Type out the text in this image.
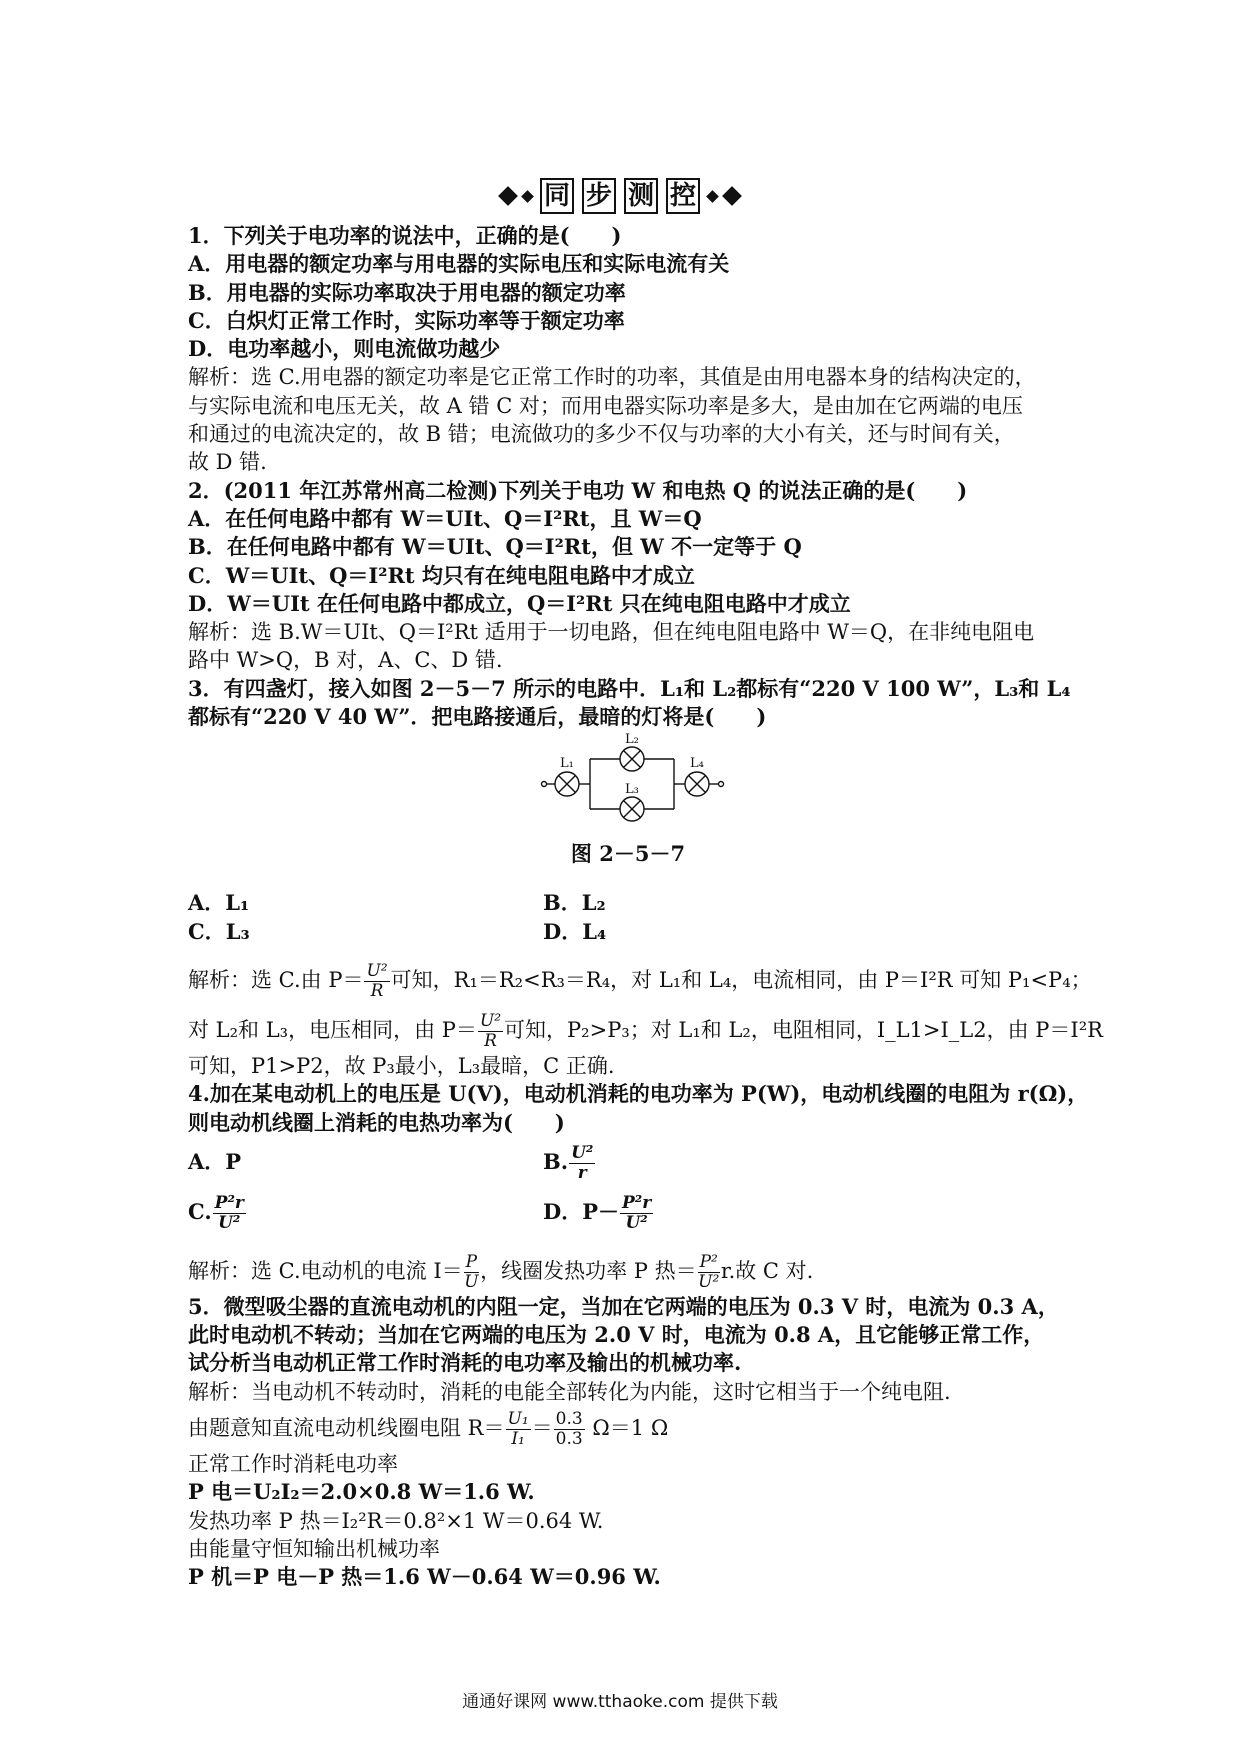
同 步 测 控
1．下列关于电功率的说法中，正确的是(　　)
A．用电器的额定功率与用电器的实际电压和实际电流有关
B．用电器的实际功率取决于用电器的额定功率
C．白炽灯正常工作时，实际功率等于额定功率
D．电功率越小，则电流做功越少
解析：选 C.用电器的额定功率是它正常工作时的功率，其值是由用电器本身的结构决定的，
与实际电流和电压无关，故 A 错 C 对；而用电器实际功率是多大，是由加在它两端的电压
和通过的电流决定的，故 B 错；电流做功的多少不仅与功率的大小有关，还与时间有关，
故 D 错.
2．(2011 年江苏常州高二检测)下列关于电功 W 和电热 Q 的说法正确的是(　　)
A．在任何电路中都有 W＝UIt、Q＝I²Rt，且 W＝Q
B．在任何电路中都有 W＝UIt、Q＝I²Rt，但 W 不一定等于 Q
C．W＝UIt、Q＝I²Rt 均只有在纯电阻电路中才成立
D．W＝UIt 在任何电路中都成立，Q＝I²Rt 只在纯电阻电路中才成立
解析：选 B.W＝UIt、Q＝I²Rt 适用于一切电路，但在纯电阻电路中 W＝Q，在非纯电阻电
路中 W>Q，B 对，A、C、D 错.
3．有四盏灯，接入如图 2－5－7 所示的电路中．L₁和 L₂都标有“220 V 100 W”，L₃和 L₄
都标有“220 V 40 W”．把电路接通后，最暗的灯将是(　　)
L₁
L₂
L₃
L₄
图 2－5－7
A．L₁	B．L₂
C．L₃	D．L₄
解析：选 C.由 $P= \frac{\text{U²}}{R}$ 可知，R₁＝R₂<R₃＝R₄，对 L₁和 L₄，电流相同，由 P＝I²R 可知 P₁<P₄；
对 L₂和 L₃，电压相同，由 $P= \frac{\text{U²}}{R}$ 可知，P₂>P₃；对 L₁和 L₂，电阻相同，I_L1>I_L2，由 P＝I²R
可知，P1>P2，故 P₃最小，L₃最暗，C 正确.
4.加在某电动机上的电压是 U(V)，电动机消耗的电功率为 P(W)，电动机线圈的电阻为 r(Ω)，
则电动机线圈上消耗的电热功率为(　　)
A．P	B. $\frac{\text{U²}}{r}$
C. $\frac{\text{P²r}}{\text{U²}}$	D．$P- \frac{\text{P²r}}{\text{U²}}$
解析：选 C.电动机的电流 $I= \frac{P}{U}$ ，线圈发热功率 P 热＝ $\frac{\text{P²}}{\text{U²}} r$.故 C 对.
5．微型吸尘器的直流电动机的内阻一定，当加在它两端的电压为 0.3 V 时，电流为 0.3 A，
此时电动机不转动；当加在它两端的电压为 2.0 V 时，电流为 0.8 A，且它能够正常工作，
试分析当电动机正常工作时消耗的电功率及输出的机械功率.
解析：当电动机不转动时，消耗的电能全部转化为内能，这时它相当于一个纯电阻.
由题意知直流电动机线圈电阻 $R= \frac{\text{U₁}}{\text{I₁}} = \frac{0.3}{0.3} \Omega=1$ Ω
正常工作时消耗电功率
P 电＝U₂I₂＝2.0×0.8 W＝1.6 W.
发热功率 P 热＝I₂²R＝0.8²×1 W＝0.64 W.
由能量守恒知输出机械功率
P 机＝P 电－P 热＝1.6 W－0.64 W＝0.96 W.
通通好课网 www.tthaoke.com 提供下载
